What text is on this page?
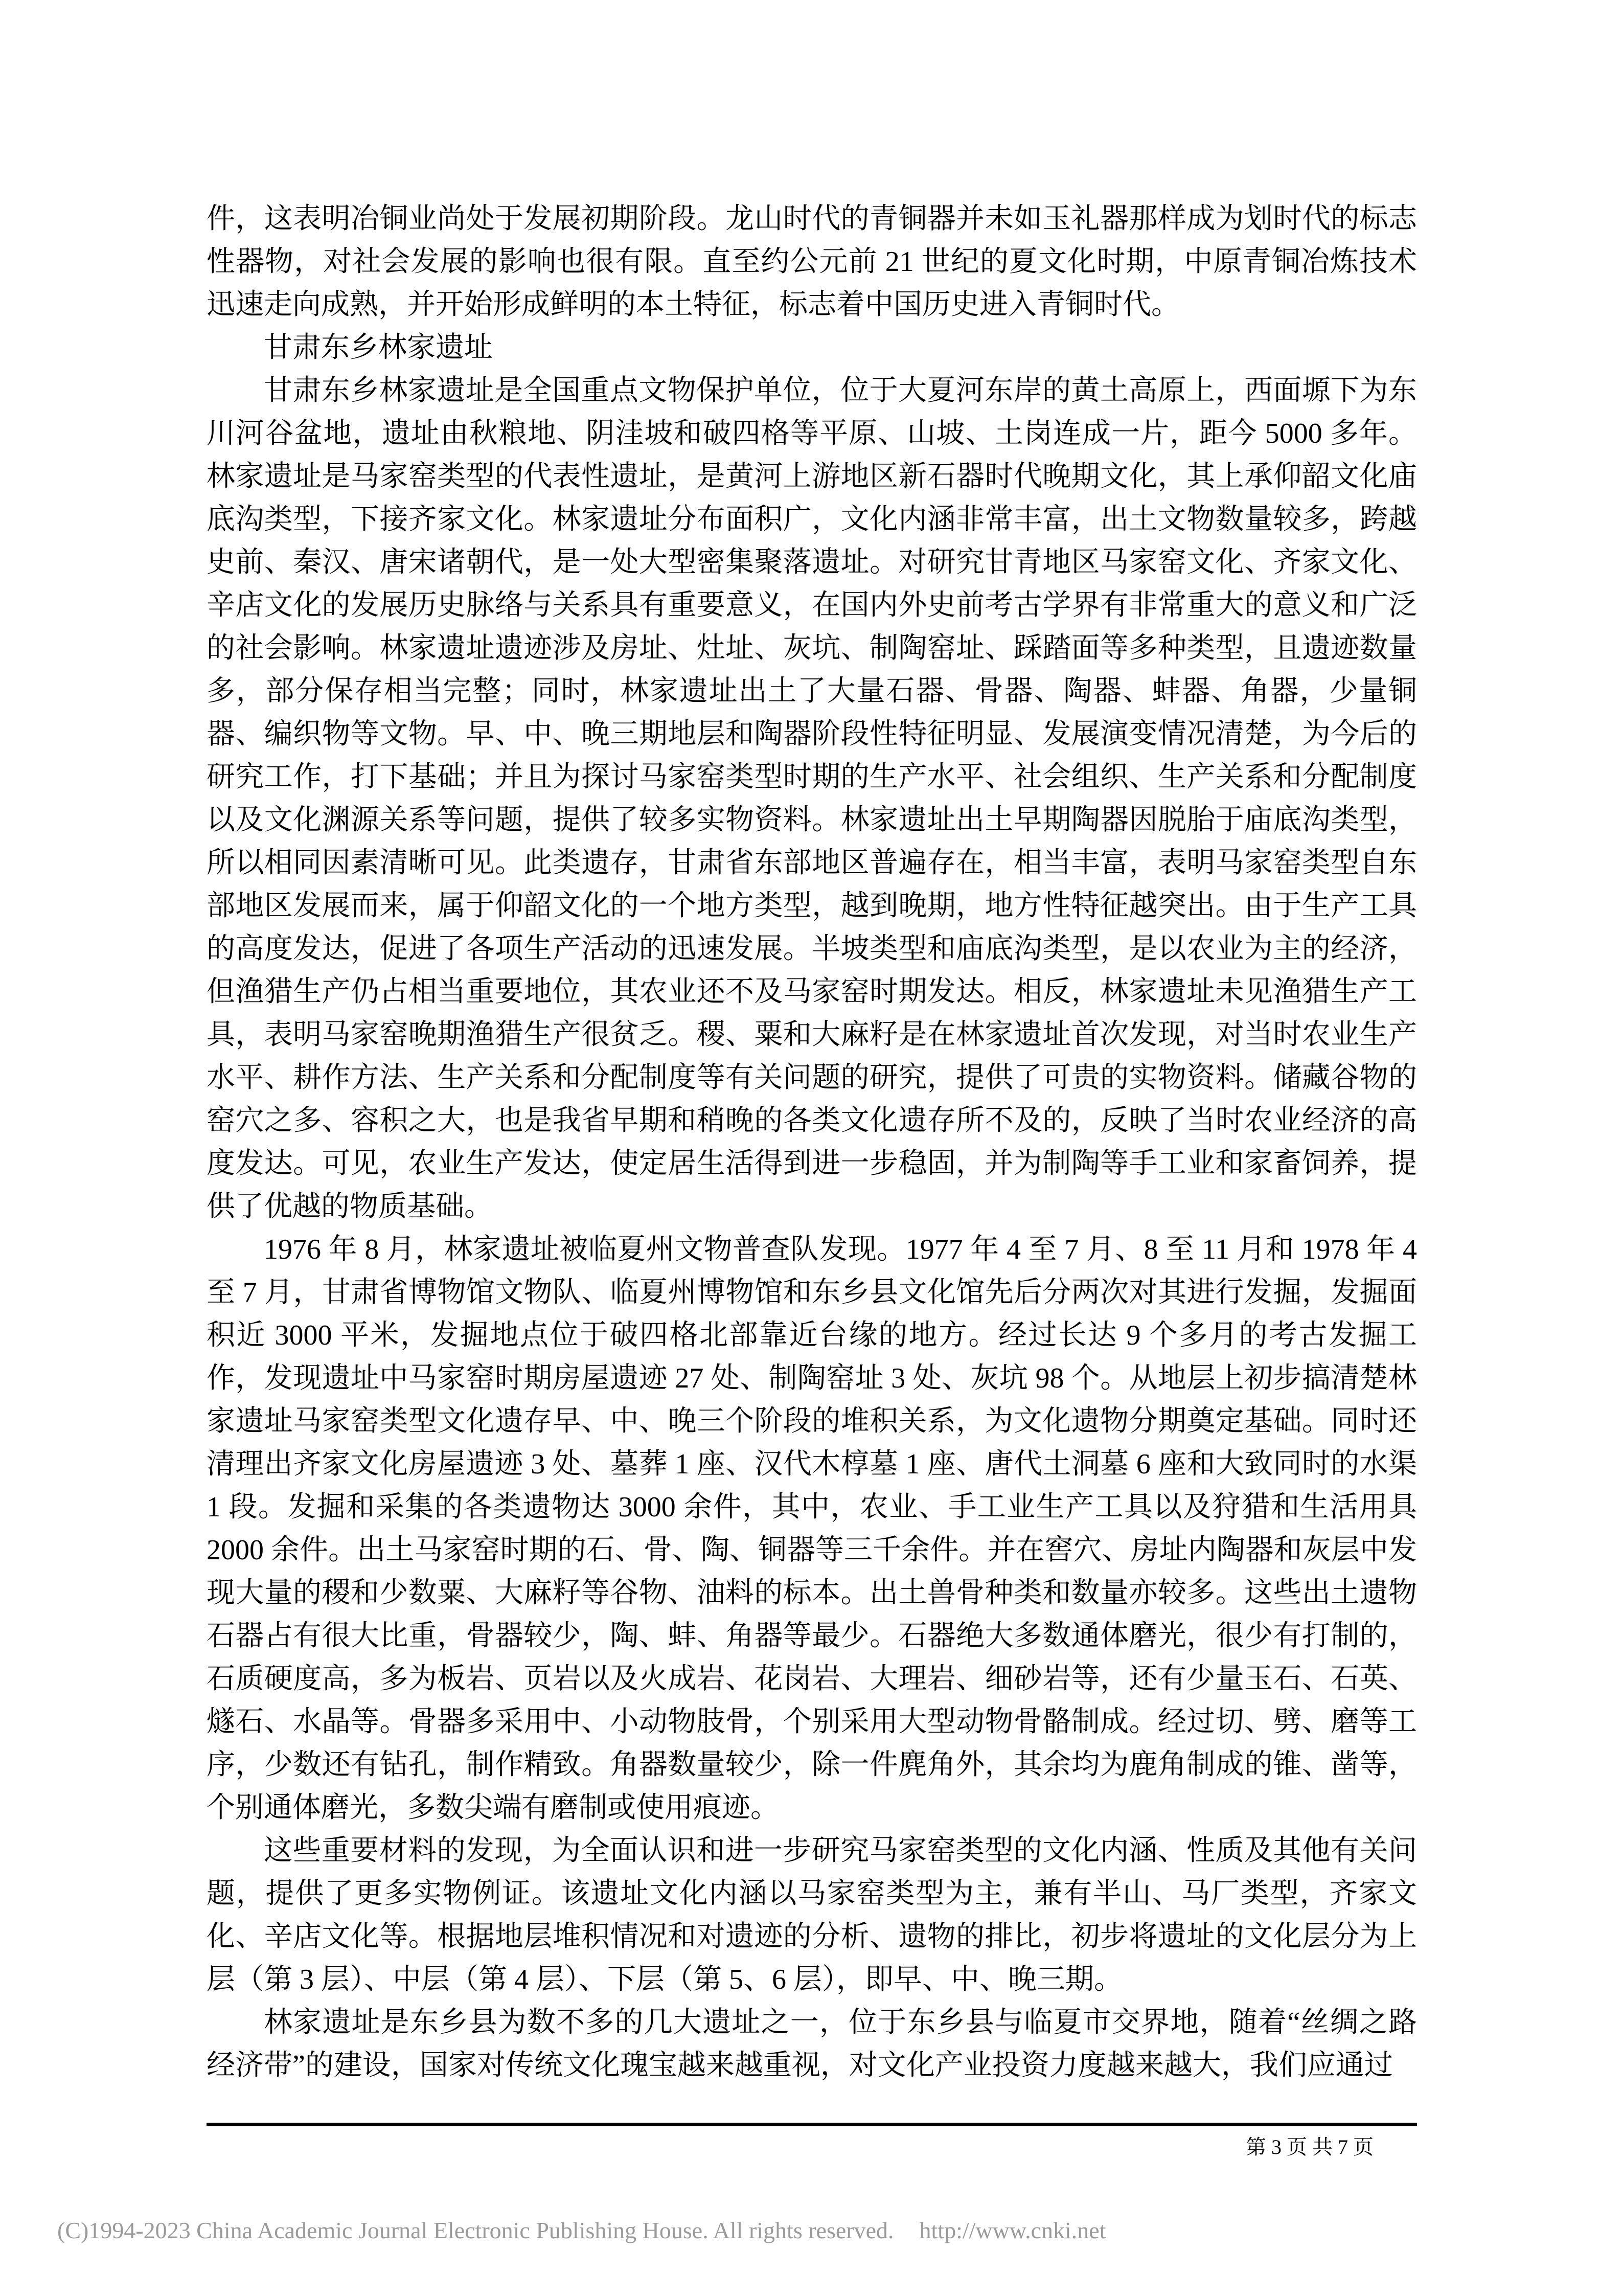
件，这表明冶铜业尚处于发展初期阶段。龙山时代的青铜器并未如玉礼器那样成为划时代的标志性器物，对社会发展的影响也很有限。直至约公元前 21 世纪的夏文化时期，中原青铜冶炼技术迅速走向成熟，并开始形成鲜明的本土特征，标志着中国历史进入青铜时代。

甘肃东乡林家遗址

甘肃东乡林家遗址是全国重点文物保护单位，位于大夏河东岸的黄土高原上，西面塬下为东川河谷盆地，遗址由秋粮地、阴洼坡和破四格等平原、山坡、土岗连成一片，距今 5000 多年。林家遗址是马家窑类型的代表性遗址，是黄河上游地区新石器时代晚期文化，其上承仰韶文化庙底沟类型，下接齐家文化。林家遗址分布面积广，文化内涵非常丰富，出土文物数量较多，跨越史前、秦汉、唐宋诸朝代，是一处大型密集聚落遗址。对研究甘青地区马家窑文化、齐家文化、辛店文化的发展历史脉络与关系具有重要意义，在国内外史前考古学界有非常重大的意义和广泛的社会影响。林家遗址遗迹涉及房址、灶址、灰坑、制陶窑址、踩踏面等多种类型，且遗迹数量多，部分保存相当完整；同时，林家遗址出土了大量石器、骨器、陶器、蚌器、角器，少量铜器、编织物等文物。早、中、晚三期地层和陶器阶段性特征明显、发展演变情况清楚，为今后的研究工作，打下基础；并且为探讨马家窑类型时期的生产水平、社会组织、生产关系和分配制度以及文化渊源关系等问题，提供了较多实物资料。林家遗址出土早期陶器因脱胎于庙底沟类型，所以相同因素清晰可见。此类遗存，甘肃省东部地区普遍存在，相当丰富，表明马家窑类型自东部地区发展而来，属于仰韶文化的一个地方类型，越到晚期，地方性特征越突出。由于生产工具的高度发达，促进了各项生产活动的迅速发展。半坡类型和庙底沟类型，是以农业为主的经济，但渔猎生产仍占相当重要地位，其农业还不及马家窑时期发达。相反，林家遗址未见渔猎生产工具，表明马家窑晚期渔猎生产很贫乏。稷、粟和大麻籽是在林家遗址首次发现，对当时农业生产水平、耕作方法、生产关系和分配制度等有关问题的研究，提供了可贵的实物资料。储藏谷物的窑穴之多、容积之大，也是我省早期和稍晚的各类文化遗存所不及的，反映了当时农业经济的高度发达。可见，农业生产发达，使定居生活得到进一步稳固，并为制陶等手工业和家畜饲养，提供了优越的物质基础。

1976 年 8 月，林家遗址被临夏州文物普查队发现。1977 年 4 至 7 月、8 至 11 月和 1978 年 4 至 7 月，甘肃省博物馆文物队、临夏州博物馆和东乡县文化馆先后分两次对其进行发掘，发掘面积近 3000 平米，发掘地点位于破四格北部靠近台缘的地方。经过长达 9 个多月的考古发掘工作，发现遗址中马家窑时期房屋遗迹 27 处、制陶窑址 3 处、灰坑 98 个。从地层上初步搞清楚林家遗址马家窑类型文化遗存早、中、晚三个阶段的堆积关系，为文化遗物分期奠定基础。同时还清理出齐家文化房屋遗迹 3 处、墓葬 1 座、汉代木椁墓 1 座、唐代土洞墓 6 座和大致同时的水渠 1 段。发掘和采集的各类遗物达 3000 余件，其中，农业、手工业生产工具以及狩猎和生活用具 2000 余件。出土马家窑时期的石、骨、陶、铜器等三千余件。并在窖穴、房址内陶器和灰层中发现大量的稷和少数粟、大麻籽等谷物、油料的标本。出土兽骨种类和数量亦较多。这些出土遗物石器占有很大比重，骨器较少，陶、蚌、角器等最少。石器绝大多数通体磨光，很少有打制的，石质硬度高，多为板岩、页岩以及火成岩、花岗岩、大理岩、细砂岩等，还有少量玉石、石英、燧石、水晶等。骨器多采用中、小动物肢骨，个别采用大型动物骨骼制成。经过切、劈、磨等工序，少数还有钻孔，制作精致。角器数量较少，除一件麂角外，其余均为鹿角制成的锥、凿等，个别通体磨光，多数尖端有磨制或使用痕迹。

这些重要材料的发现，为全面认识和进一步研究马家窑类型的文化内涵、性质及其他有关问题，提供了更多实物例证。该遗址文化内涵以马家窑类型为主，兼有半山、马厂类型，齐家文化、辛店文化等。根据地层堆积情况和对遗迹的分析、遗物的排比，初步将遗址的文化层分为上层（第 3 层）、中层（第 4 层）、下层（第 5、6 层），即早、中、晚三期。

林家遗址是东乡县为数不多的几大遗址之一，位于东乡县与临夏市交界地，随着“丝绸之路经济带”的建设，国家对传统文化瑰宝越来越重视，对文化产业投资力度越来越大，我们应通过

第 3 页 共 7 页
(C)1994-2023 China Academic Journal Electronic Publishing House. All rights reserved. http://www.cnki.net
